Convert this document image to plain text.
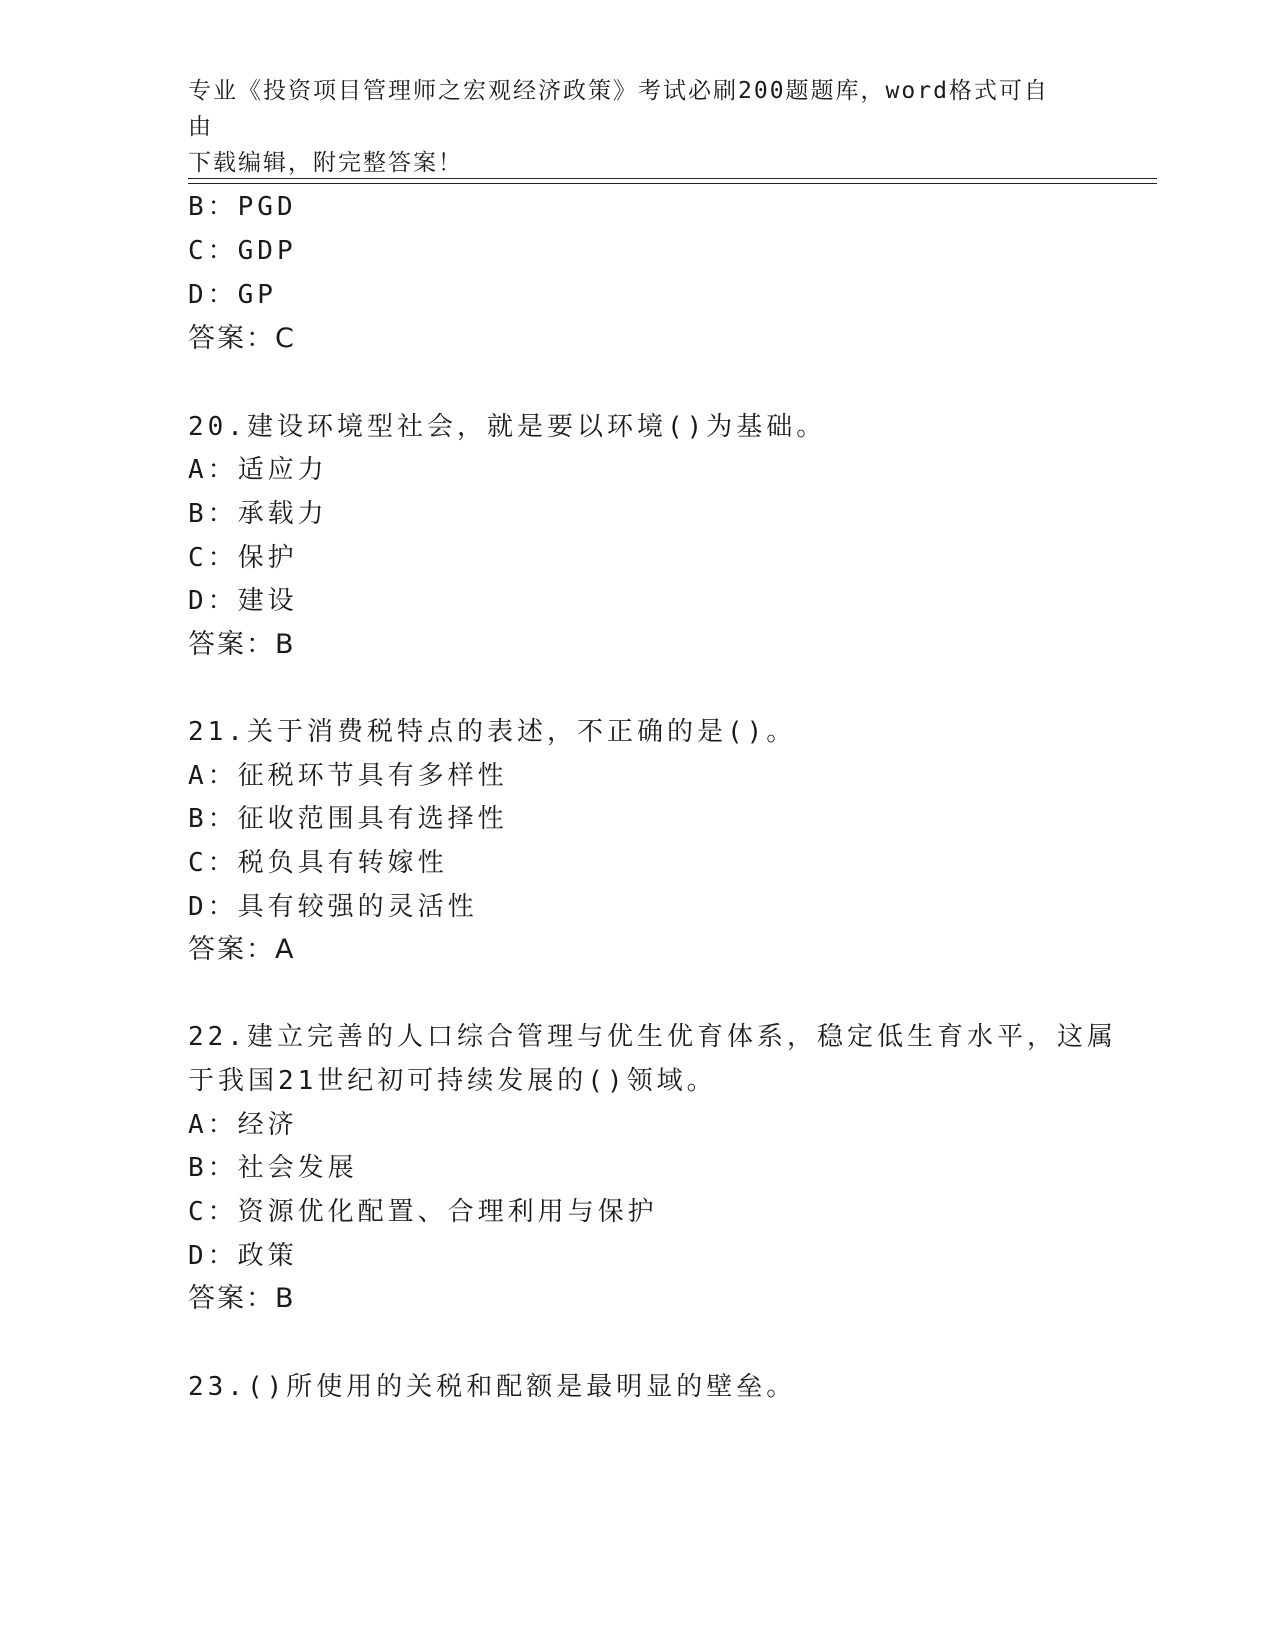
专业《投资项目管理师之宏观经济政策》考试必刷200题题库，word格式可自由
下载编辑，附完整答案！
B：PGD
C：GDP
D：GP
答案：C
20.建设环境型社会，就是要以环境()为基础。
A：适应力
B：承载力
C：保护
D：建设
答案：B
21.关于消费税特点的表述，不正确的是()。
A：征税环节具有多样性
B：征收范围具有选择性
C：税负具有转嫁性
D：具有较强的灵活性
答案：A
22.建立完善的人口综合管理与优生优育体系，稳定低生育水平，这属
于我国21世纪初可持续发展的()领域。
A：经济
B：社会发展
C：资源优化配置、合理利用与保护
D：政策
答案：B
23.()所使用的关税和配额是最明显的壁垒。
